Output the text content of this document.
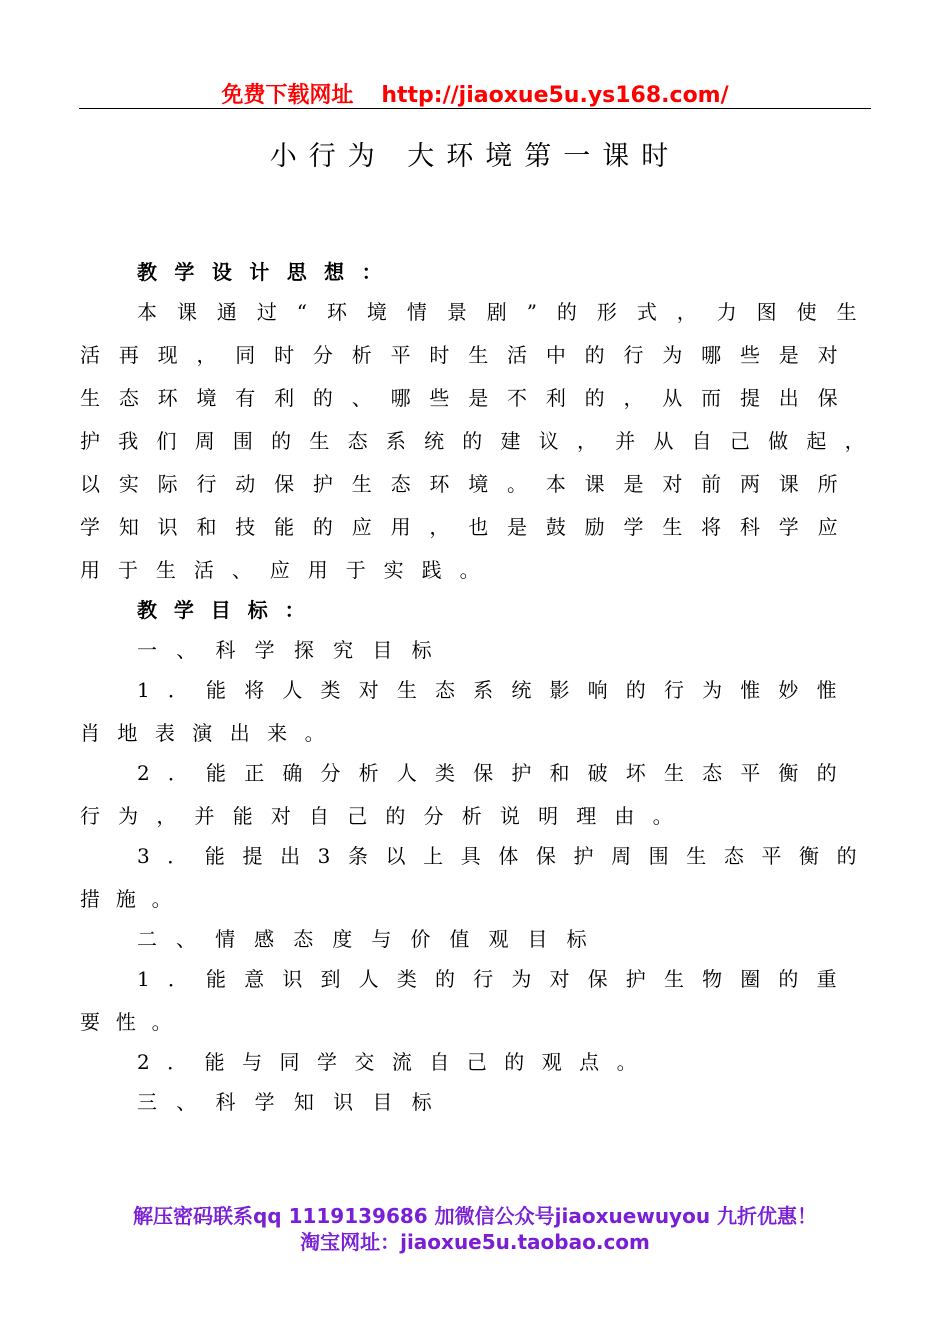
免费下载网址 http://jiaoxue5u.ys168.com/
小行为 大环境第一课时
教学设计思想：
本课通过“环境情景剧”的形式，力图使生
活再现，同时分析平时生活中的行为哪些是对
生态环境有利的、哪些是不利的，从而提出保
护我们周围的生态系统的建议，并从自己做起，
以实际行动保护生态环境。本课是对前两课所
学知识和技能的应用，也是鼓励学生将科学应
用于生活、应用于实践。
教学目标：
一、科学探究目标
1．能将人类对生态系统影响的行为惟妙惟
肖地表演出来。
2．能正确分析人类保护和破坏生态平衡的
行为，并能对自己的分析说明理由。
3．能提出3条以上具体保护周围生态平衡的
措施。
二、情感态度与价值观目标
1．能意识到人类的行为对保护生物圈的重
要性。
2．能与同学交流自己的观点。
三、科学知识目标
解压密码联系qq 1119139686 加微信公众号jiaoxuewuyou 九折优惠！
淘宝网址：jiaoxue5u.taobao.com
